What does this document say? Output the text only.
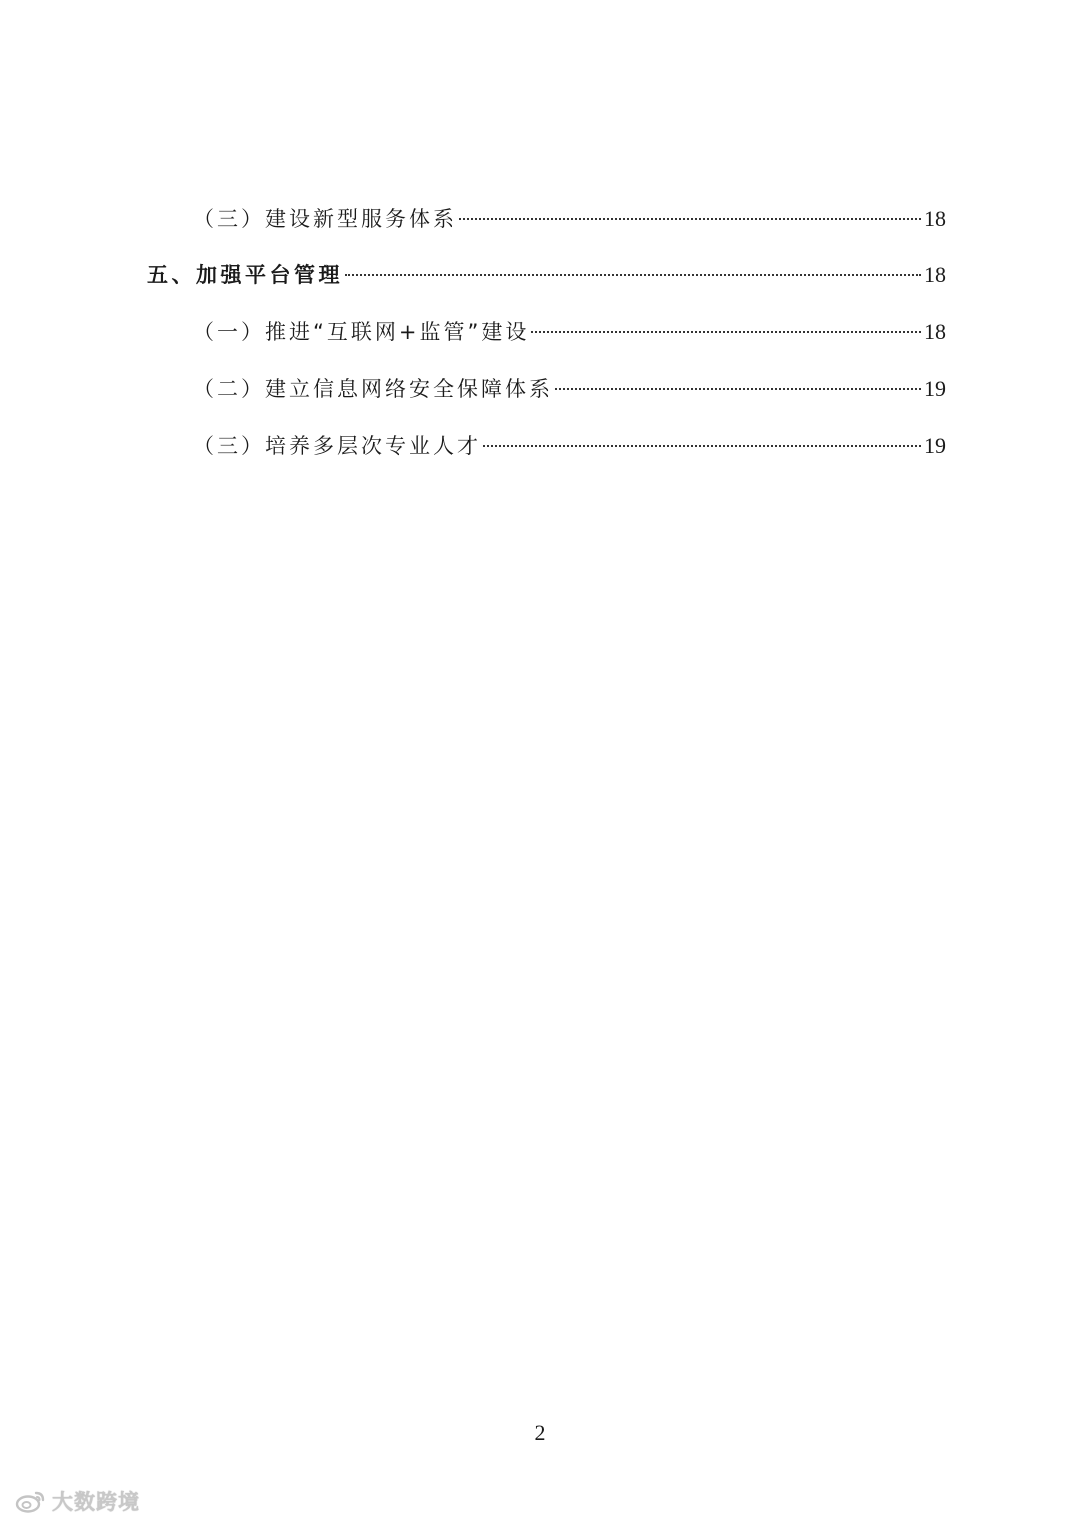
（三）建设新型服务体系	18
五、加强平台管理	18
（一）推进“互联网+监管”建设	18
（二）建立信息网络安全保障体系	19
（三）培养多层次专业人才	19
2
大数跨境
